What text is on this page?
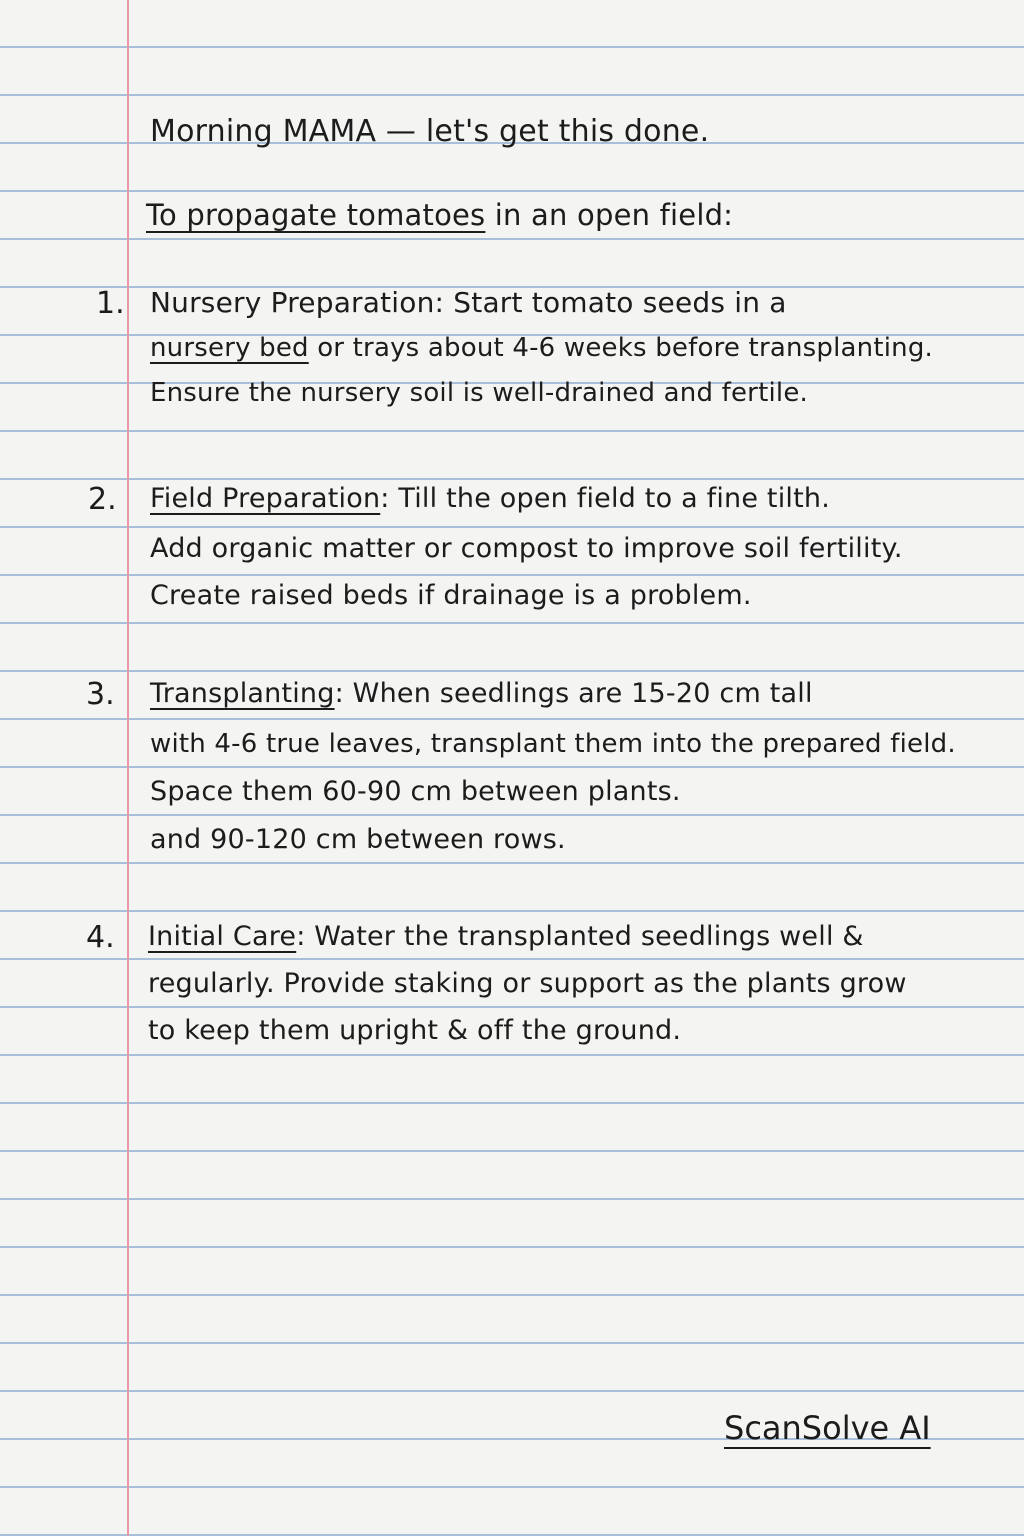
Morning MAMA — let's get this done.
To propagate tomatoes in an open field:
1. Nursery Preparation: Start tomato seeds in a
nursery bed or trays about 4-6 weeks before transplanting.
Ensure the nursery soil is well-drained and fertile.
2. Field Preparation: Till the open field to a fine tilth.
Add organic matter or compost to improve soil fertility.
Create raised beds if drainage is a problem.
3. Transplanting: When seedlings are 15-20 cm tall
with 4-6 true leaves, transplant them into the prepared field.
Space them 60-90 cm between plants.
and 90-120 cm between rows.
4. Initial Care: Water the transplanted seedlings well &
regularly. Provide staking or support as the plants grow
to keep them upright & off the ground.
ScanSolve AI
